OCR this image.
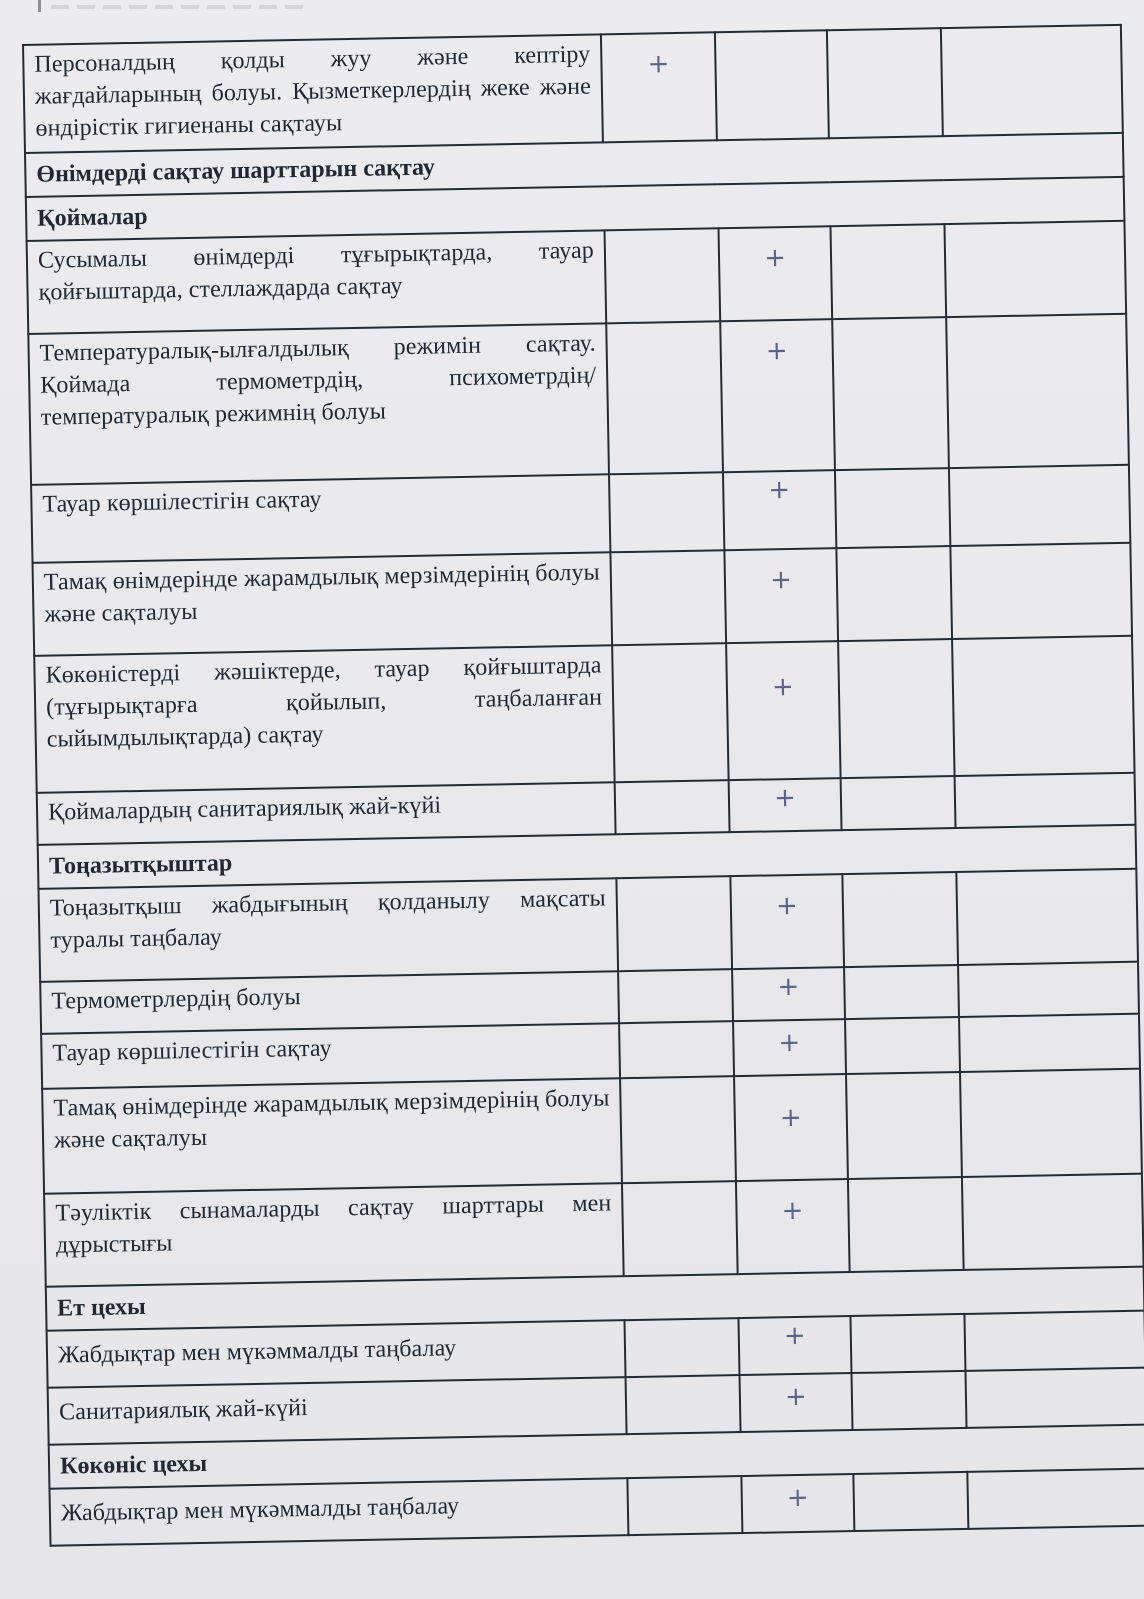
Персоналдың қолды жуу және кептіру жағдайларының болуы. Қызметкерлердің жеке және өндірістік гигиенаны сақтауы	+			
Өнімдерді сақтау шарттарын сақтау				
Қоймалар				
Сусымалы өнімдерді тұғырықтарда, тауар қойғыштарда, стеллаждарда сақтау		+		
Температуралық-ылғалдылық режимін сақтау. Қоймада термометрдің, психометрдің/температуралық режимнің болуы		+		
Тауар көршілестігін сақтау		+		
Тамақ өнімдерінде жарамдылық мерзімдерінің болуы және сақталуы		+		
Көкөністерді жәшіктерде, тауар қойғыштарда (тұғырықтарға қойылып, таңбаланған сыйымдылықтарда) сақтау		+		
Қоймалардың санитариялық жай-күйі		+		
Тоңазытқыштар				
Тоңазытқыш жабдығының қолданылу мақсаты туралы таңбалау		+		
Термометрлердің болуы		+		
Тауар көршілестігін сақтау		+		
Тамақ өнімдерінде жарамдылық мерзімдерінің болуы және сақталуы		+		
Тәуліктік сынамаларды сақтау шарттары мен дұрыстығы		+		
Ет цехы				
Жабдықтар мен мүкәммалды таңбалау		+		
Санитариялық жай-күйі		+		
Көкөніс цехы				
Жабдықтар мен мүкәммалды таңбалау		+		
